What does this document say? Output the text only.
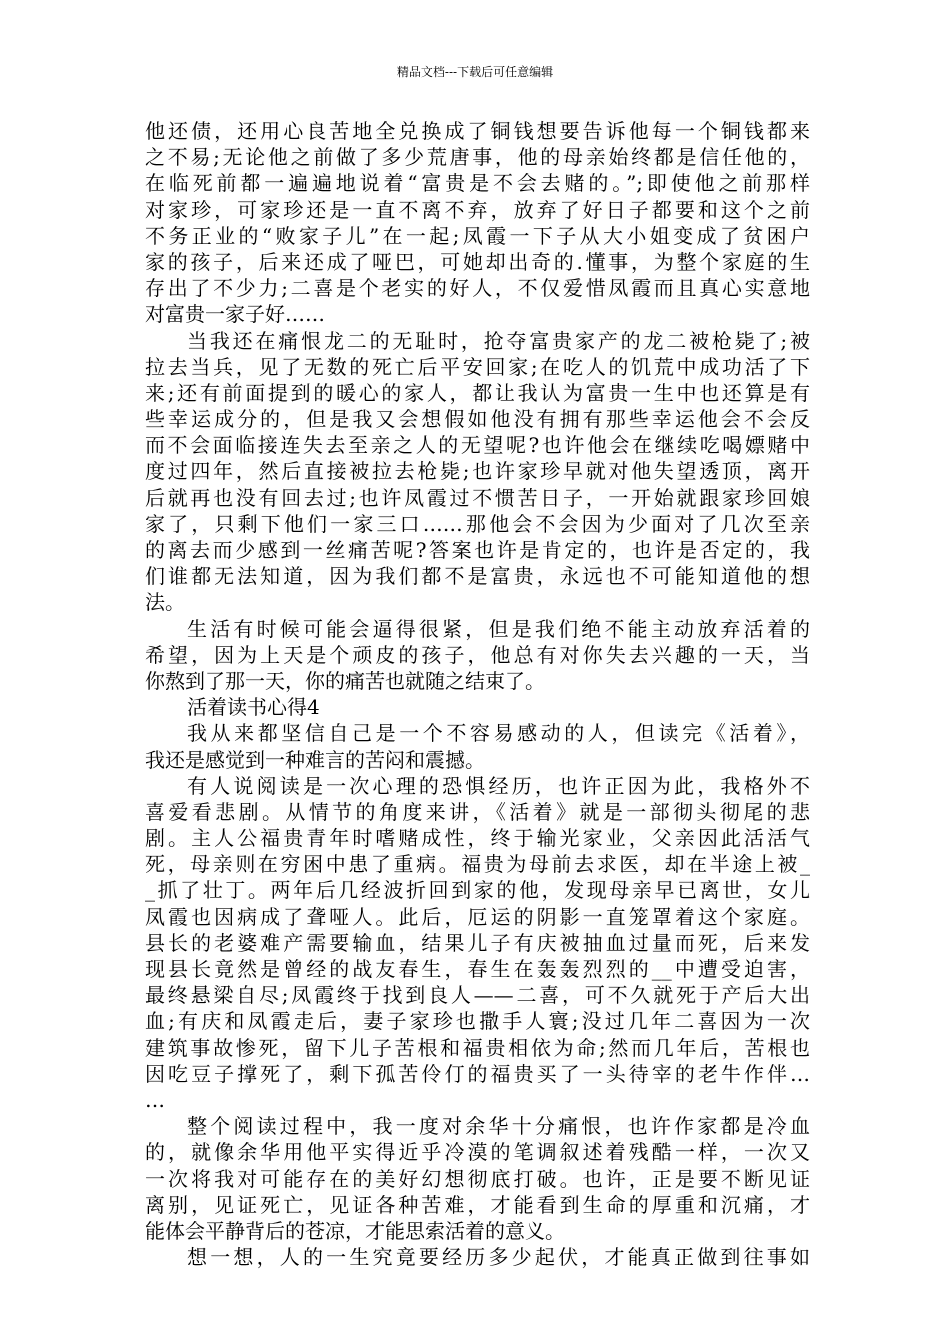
精品文档---下载后可任意编辑
他还债，还用心良苦地全兑换成了铜钱想要告诉他每一个铜钱都来
之不易;无论他之前做了多少荒唐事，他的母亲始终都是信任他的，
在临死前都一遍遍地说着“富贵是不会去赌的。”;即使他之前那样
对家珍，可家珍还是一直不离不弃，放弃了好日子都要和这个之前
不务正业的“败家子儿”在一起;凤霞一下子从大小姐变成了贫困户
家的孩子，后来还成了哑巴，可她却出奇的.懂事，为整个家庭的生
存出了不少力;二喜是个老实的好人，不仅爱惜凤霞而且真心实意地
对富贵一家子好……
当我还在痛恨龙二的无耻时，抢夺富贵家产的龙二被枪毙了;被
拉去当兵，见了无数的死亡后平安回家;在吃人的饥荒中成功活了下
来;还有前面提到的暖心的家人，都让我认为富贵一生中也还算是有
些幸运成分的，但是我又会想假如他没有拥有那些幸运他会不会反
而不会面临接连失去至亲之人的无望呢?也许他会在继续吃喝嫖赌中
度过四年，然后直接被拉去枪毙;也许家珍早就对他失望透顶，离开
后就再也没有回去过;也许凤霞过不惯苦日子，一开始就跟家珍回娘
家了，只剩下他们一家三口……那他会不会因为少面对了几次至亲
的离去而少感到一丝痛苦呢?答案也许是肯定的，也许是否定的，我
们谁都无法知道，因为我们都不是富贵，永远也不可能知道他的想
法。
生活有时候可能会逼得很紧，但是我们绝不能主动放弃活着的
希望，因为上天是个顽皮的孩子，他总有对你失去兴趣的一天，当
你熬到了那一天，你的痛苦也就随之结束了。
活着读书心得4
我从来都坚信自己是一个不容易感动的人，但读完《活着》，
我还是感觉到一种难言的苦闷和震撼。
有人说阅读是一次心理的恐惧经历，也许正因为此，我格外不
喜爱看悲剧。从情节的角度来讲，《活着》就是一部彻头彻尾的悲
剧。主人公福贵青年时嗜赌成性，终于输光家业，父亲因此活活气
死，母亲则在穷困中患了重病。福贵为母前去求医，却在半途上被_
_抓了壮丁。两年后几经波折回到家的他，发现母亲早已离世，女儿
凤霞也因病成了聋哑人。此后，厄运的阴影一直笼罩着这个家庭。
县长的老婆难产需要输血，结果儿子有庆被抽血过量而死，后来发
现县长竟然是曾经的战友春生，春生在轰轰烈烈的__中遭受迫害，
最终悬梁自尽;凤霞终于找到良人——二喜，可不久就死于产后大出
血;有庆和凤霞走后，妻子家珍也撒手人寰;没过几年二喜因为一次
建筑事故惨死，留下儿子苦根和福贵相依为命;然而几年后，苦根也
因吃豆子撑死了，剩下孤苦伶仃的福贵买了一头待宰的老牛作伴…
…
整个阅读过程中，我一度对余华十分痛恨，也许作家都是冷血
的，就像余华用他平实得近乎冷漠的笔调叙述着残酷一样，一次又
一次将我对可能存在的美好幻想彻底打破。也许，正是要不断见证
离别，见证死亡，见证各种苦难，才能看到生命的厚重和沉痛，才
能体会平静背后的苍凉，才能思索活着的意义。
想一想，人的一生究竟要经历多少起伏，才能真正做到往事如
